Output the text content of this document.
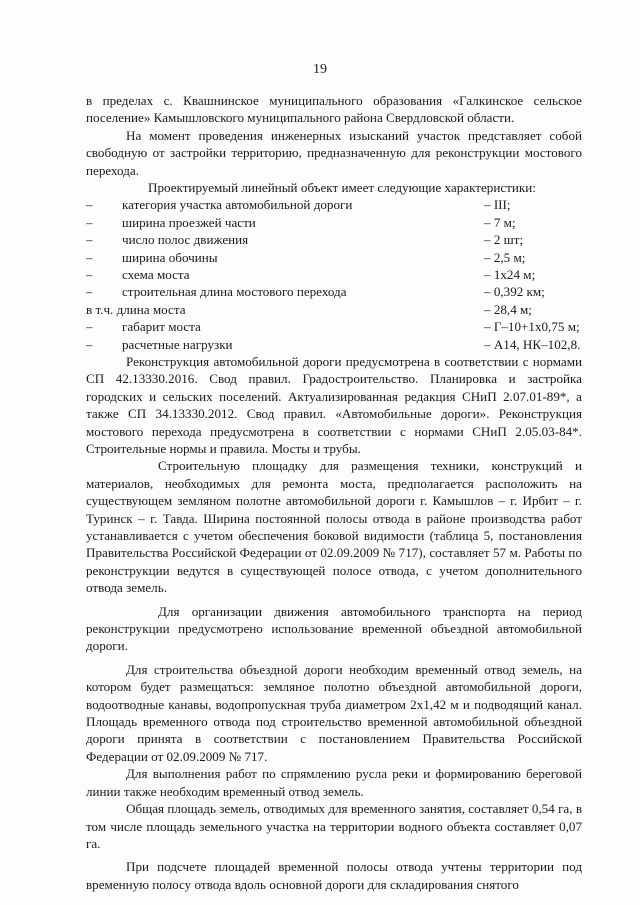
19

в пределах с. Квашнинское муниципального образования «Галкинское сельское поселение» Камышловского муниципального района Свердловской области.

На момент проведения инженерных изысканий участок представляет собой свободную от застройки территорию, предназначенную для реконструкции мостового перехода.

Проектируемый линейный объект имеет следующие характеристики:

–	категория участка автомобильной дороги	– III;
–	ширина проезжей части	– 7 м;
–	число полос движения	– 2 шт;
–	ширина обочины	– 2,5 м;
–	схема моста	– 1х24 м;
–	строительная длина мостового перехода	– 0,392 км;
в т.ч. длина моста	– 28,4 м;
–	габарит моста	– Г–10+1х0,75 м;
–	расчетные нагрузки	– А14, НК–102,8.

Реконструкция автомобильной дороги предусмотрена в соответствии с нормами СП 42.13330.2016. Свод правил. Градостроительство. Планировка и застройка городских и сельских поселений. Актуализированная редакция СНиП 2.07.01-89*, а также СП 34.13330.2012. Свод правил. «Автомобильные дороги». Реконструкция мостового перехода предусмотрена в соответствии с нормами СНиП 2.05.03-84*. Строительные нормы и правила. Мосты и трубы.

Строительную площадку для размещения техники, конструкций и материалов, необходимых для ремонта моста, предполагается расположить на существующем земляном полотне автомобильной дороги г. Камышлов – г. Ирбит – г. Туринск – г. Тавда. Ширина постоянной полосы отвода в районе производства работ устанавливается с учетом обеспечения боковой видимости (таблица 5, постановления Правительства Российской Федерации от 02.09.2009 № 717), составляет 57 м. Работы по реконструкции ведутся в существующей полосе отвода, с учетом дополнительного отвода земель.

Для организации движения автомобильного транспорта на период реконструкции предусмотрено использование временной объездной автомобильной дороги.

Для строительства объездной дороги необходим временный отвод земель, на котором будет размещаться: земляное полотно объездной автомобильной дороги, водоотводные канавы, водопропускная труба диаметром 2х1,42 м и подводящий канал. Площадь временного отвода под строительство временной автомобильной объездной дороги принята в соответствии с постановлением Правительства Российской Федерации от 02.09.2009 № 717.

Для выполнения работ по спрямлению русла реки и формированию береговой линии также необходим временный отвод земель.

Общая площадь земель, отводимых для временного занятия, составляет 0,54 га, в том числе площадь земельного участка на территории водного объекта составляет 0,07 га.

При подсчете площадей временной полосы отвода учтены территории под временную полосу отвода вдоль основной дороги для складирования снятого
